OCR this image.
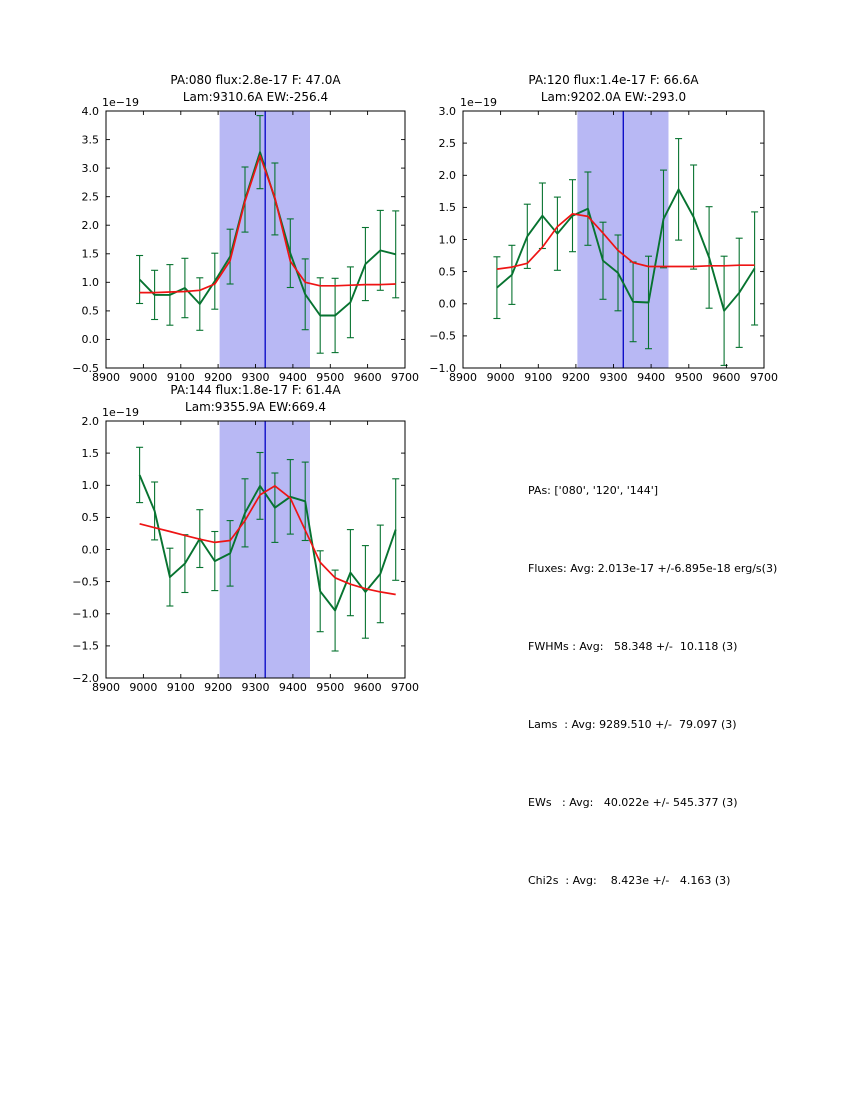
8900 9000 9100 9200 9300 9400 9500 9600 9700
−0.5
0.0
0.5
1.0
1.5
2.0
2.5
3.0
3.5
4.0
8900 9000 9100 9200 9300 9400 9500 9600 9700
−1.0
−0.5
0.0
0.5
1.0
1.5
2.0
2.5
3.0
8900 9000 9100 9200 9300 9400 9500 9600 9700
−2.0
−1.5
−1.0
−0.5
0.0
0.5
1.0
1.5
2.0
PA:080 flux:2.8e-17 F: 47.0A
Lam:9310.6A EW:-256.4
PA:120 flux:1.4e-17 F: 66.6A
Lam:9202.0A EW:-293.0
PA:144 flux:1.8e-17 F: 61.4A
Lam:9355.9A EW:669.4
1e−19	1e−19
1e−19

PAs: ['080', '120', '144']

Fluxes: Avg: 2.013e-17 +/-6.895e-18 erg/s(3)

FWHMs : Avg:   58.348 +/-  10.118 (3)

Lams  : Avg: 9289.510 +/-  79.097 (3)

EWs   : Avg:   40.022e +/- 545.377 (3)

Chi2s  : Avg:    8.423e +/-   4.163 (3)
